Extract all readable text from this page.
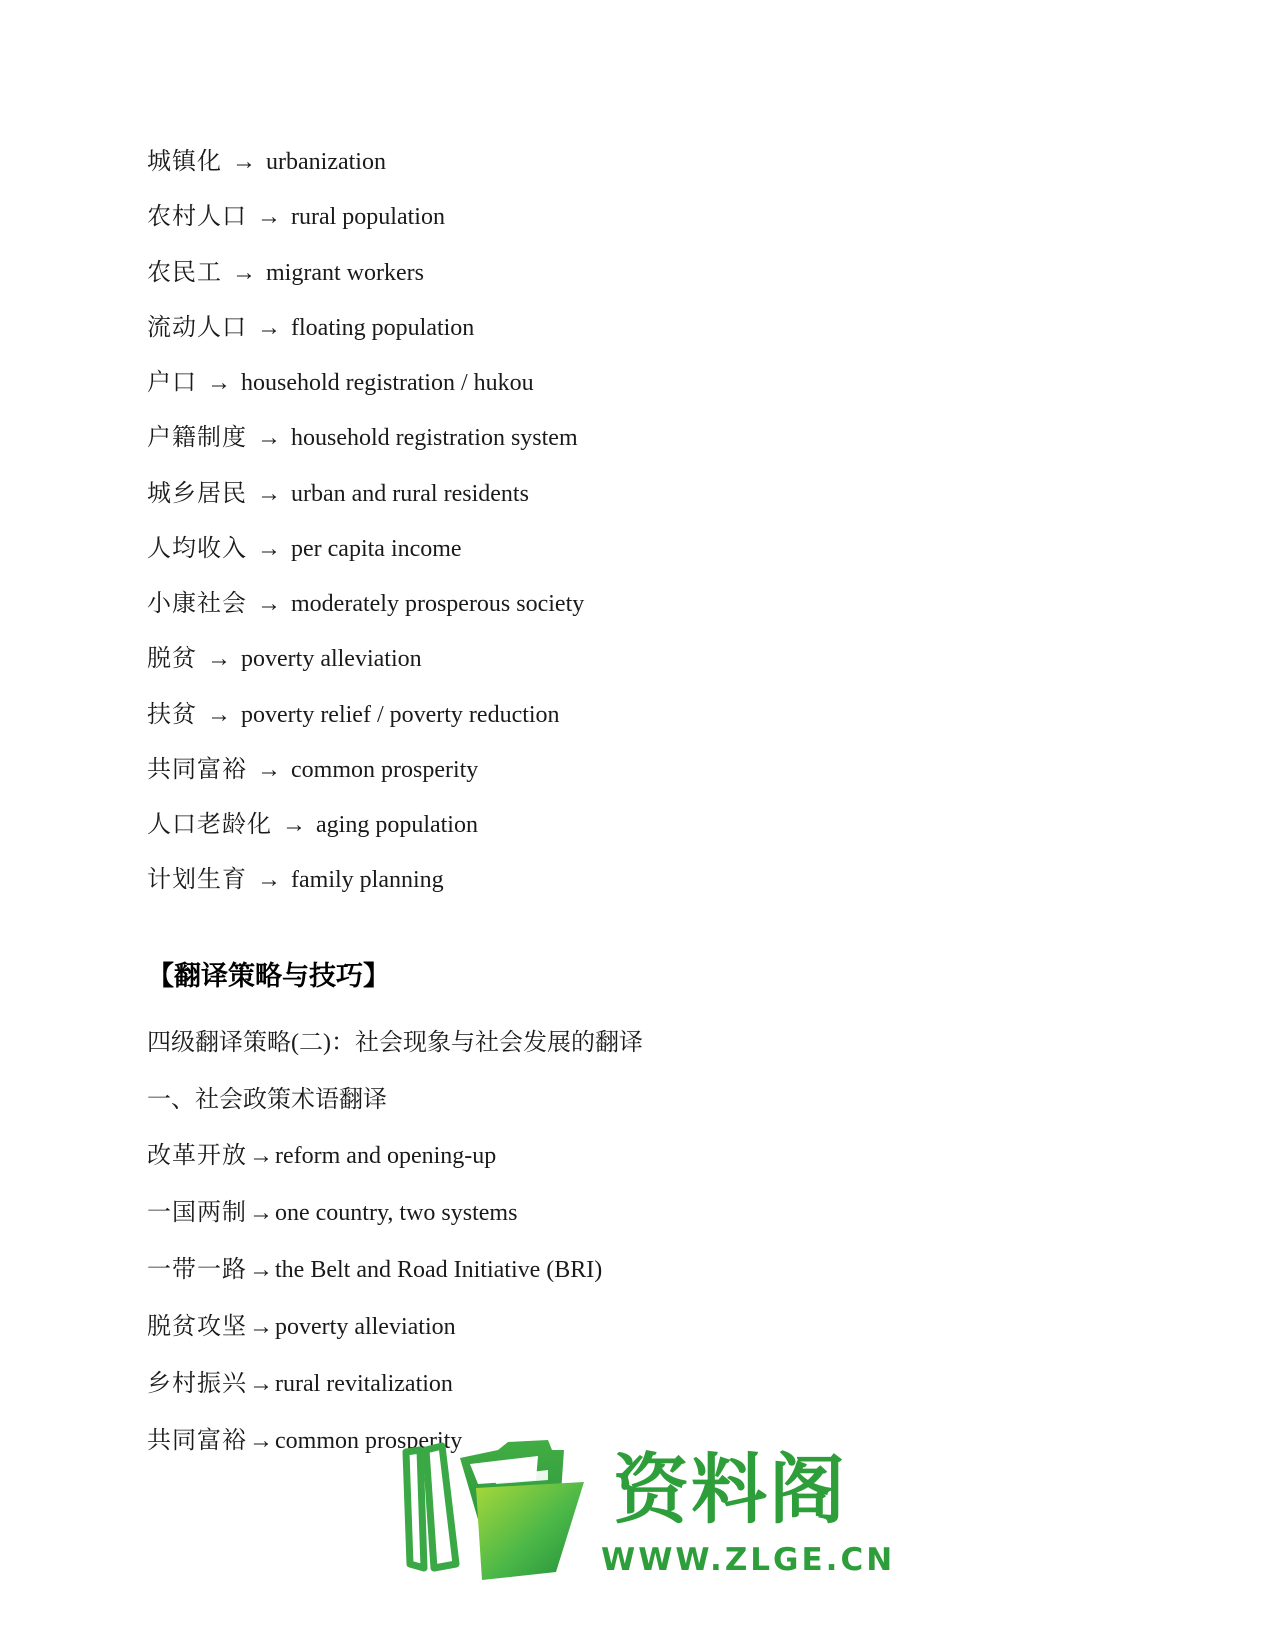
城镇化 → urbanization
农村人口 → rural population
农民工 → migrant workers
流动人口 → floating population
户口 → household registration / hukou
户籍制度 → household registration system
城乡居民 → urban and rural residents
人均收入 → per capita income
小康社会 → moderately prosperous society
脱贫 → poverty alleviation
扶贫 → poverty relief / poverty reduction
共同富裕 → common prosperity
人口老龄化 → aging population
计划生育 → family planning
【翻译策略与技巧】
四级翻译策略(二)：社会现象与社会发展的翻译
一、社会政策术语翻译
改革开放→reform and opening-up
一国两制→one country, two systems
一带一路→the Belt and Road Initiative (BRI)
脱贫攻坚→poverty alleviation
乡村振兴→rural revitalization
共同富裕→common prosperity
资料阁
WWW.ZLGE.CN
